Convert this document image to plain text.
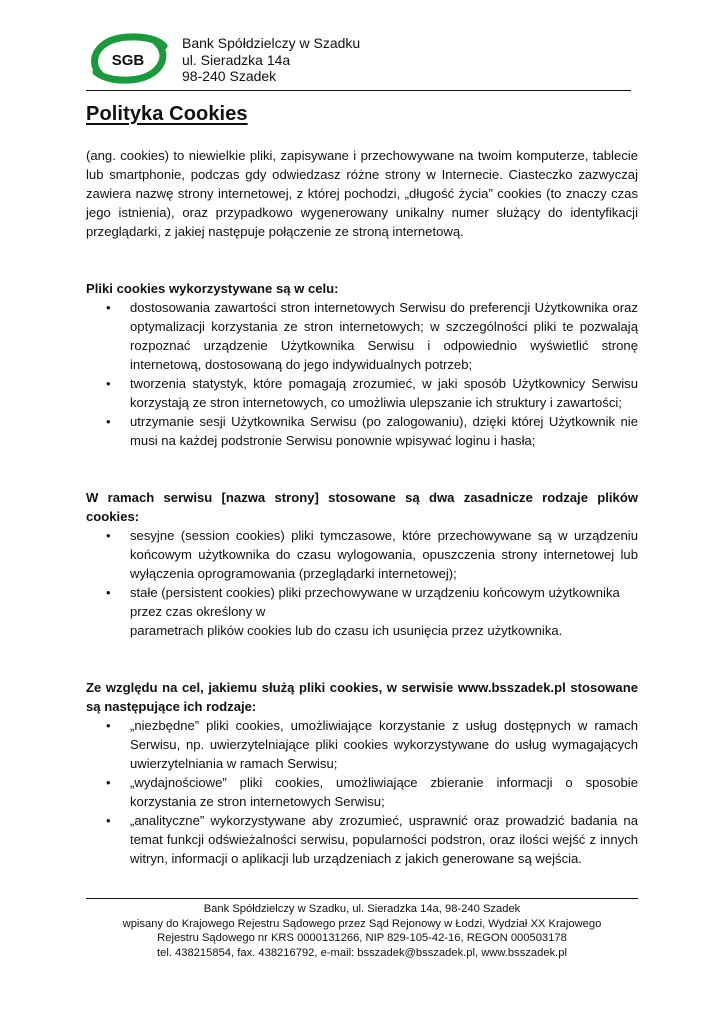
SGB
Bank Spółdzielczy w Szadku
ul. Sieradzka 14a
98-240 Szadek
Polityka Cookies

(ang. cookies) to niewielkie pliki, zapisywane i przechowywane na twoim komputerze, tablecie lub smartphonie, podczas gdy odwiedzasz różne strony w Internecie. Ciasteczko zazwyczaj zawiera nazwę strony internetowej, z której pochodzi, „długość życia” cookies (to znaczy czas jego istnienia), oraz przypadkowo wygenerowany unikalny numer służący do identyfikacji przeglądarki, z jakiej następuje połączenie ze stroną internetową.

Pliki cookies wykorzystywane są w celu:

• dostosowania zawartości stron internetowych Serwisu do preferencji Użytkownika oraz optymalizacji korzystania ze stron internetowych; w szczególności pliki te pozwalają rozpoznać urządzenie Użytkownika Serwisu i odpowiednio wyświetlić stronę internetową, dostosowaną do jego indywidualnych potrzeb;
• tworzenia statystyk, które pomagają zrozumieć, w jaki sposób Użytkownicy Serwisu korzystają ze stron internetowych, co umożliwia ulepszanie ich struktury i zawartości;
• utrzymanie sesji Użytkownika Serwisu (po zalogowaniu), dzięki której Użytkownik nie musi na każdej podstronie Serwisu ponownie wpisywać loginu i hasła;

W ramach serwisu [nazwa strony] stosowane są dwa zasadnicze rodzaje plików cookies:

• sesyjne (session cookies) pliki tymczasowe, które przechowywane są w urządzeniu końcowym użytkownika do czasu wylogowania, opuszczenia strony internetowej lub wyłączenia oprogramowania (przeglądarki internetowej);
• stałe (persistent cookies) pliki przechowywane w urządzeniu końcowym użytkownika przez czas określony w
parametrach plików cookies lub do czasu ich usunięcia przez użytkownika.

Ze względu na cel, jakiemu służą pliki cookies, w serwisie www.bsszadek.pl stosowane są następujące ich rodzaje:

• „niezbędne” pliki cookies, umożliwiające korzystanie z usług dostępnych w ramach Serwisu, np. uwierzytelniające pliki cookies wykorzystywane do usług wymagających uwierzytelniania w ramach Serwisu;
• „wydajnościowe” pliki cookies, umożliwiające zbieranie informacji o sposobie korzystania ze stron internetowych Serwisu;
• „analityczne” wykorzystywane aby zrozumieć, usprawnić oraz prowadzić badania na temat funkcji odświeżalności serwisu, popularności podstron, oraz ilości wejść z innych witryn, informacji o aplikacji lub urządzeniach z jakich generowane są wejścia.
Bank Spółdzielczy w Szadku, ul. Sieradzka 14a, 98-240 Szadek
wpisany do Krajowego Rejestru Sądowego przez Sąd Rejonowy w Łodzi, Wydział XX Krajowego
Rejestru Sądowego nr KRS 0000131266, NIP 829-105-42-16, REGON 000503178
tel. 438215854, fax. 438216792, e-mail: bsszadek@bsszadek.pl, www.bsszadek.pl
